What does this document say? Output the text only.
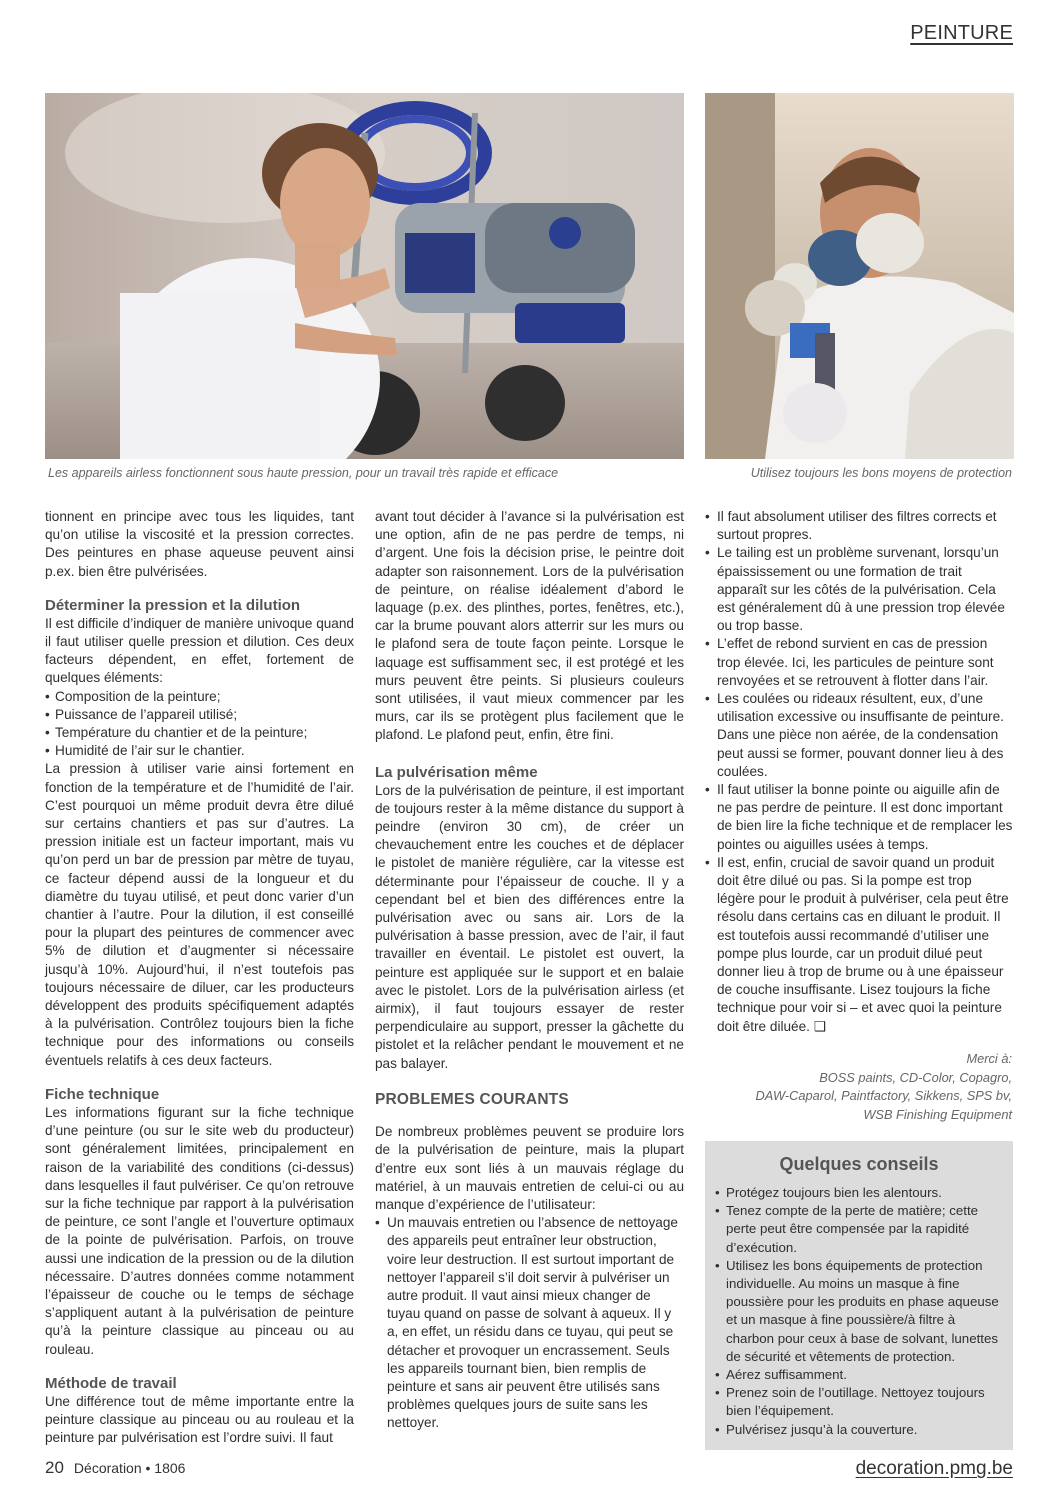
PEINTURE
Les appareils airless fonctionnent sous haute pression, pour un travail très rapide et efficace	Utilisez toujours les bons moyens de protection

tionnent en principe avec tous les liquides, tant qu’on utilise la viscosité et la pression correctes. Des peintures en phase aqueuse peuvent ainsi p.ex. bien être pulvérisées.

Déterminer la pression et la dilution

Il est difficile d’indiquer de manière univoque quand il faut utiliser quelle pression et dilution. Ces deux facteurs dépendent, en effet, fortement de quelques éléments:

• Composition de la peinture;
• Puissance de l’appareil utilisé;
• Température du chantier et de la peinture;
• Humidité de l’air sur le chantier.

La pression à utiliser varie ainsi fortement en fonction de la température et de l’humidité de l’air. C’est pourquoi un même produit devra être dilué sur certains chantiers et pas sur d’autres. La pression initiale est un facteur important, mais vu qu’on perd un bar de pression par mètre de tuyau, ce facteur dépend aussi de la longueur et du diamètre du tuyau utilisé, et peut donc varier d’un chantier à l’autre. Pour la dilution, il est conseillé pour la plupart des peintures de commencer avec 5% de dilution et d’augmenter si nécessaire jusqu’à 10%. Aujourd’hui, il n’est toutefois pas toujours nécessaire de diluer, car les producteurs développent des produits spécifiquement adaptés à la pulvérisation. Contrôlez toujours bien la fiche technique pour des informations ou conseils éventuels relatifs à ces deux facteurs.

Fiche technique

Les informations figurant sur la fiche technique d’une peinture (ou sur le site web du producteur) sont généralement limitées, principalement en raison de la variabilité des conditions (ci-dessus) dans lesquelles il faut pulvériser. Ce qu’on retrouve sur la fiche technique par rapport à la pulvérisation de peinture, ce sont l’angle et l’ouverture optimaux de la pointe de pulvérisation. Parfois, on trouve aussi une indication de la pression ou de la dilution nécessaire. D’autres données comme notamment l’épaisseur de couche ou le temps de séchage s’appliquent autant à la pulvérisation de peinture qu’à la peinture classique au pinceau ou au rouleau.

Méthode de travail

Une différence tout de même importante entre la peinture classique au pinceau ou au rouleau et la peinture par pulvérisation est l’ordre suivi. Il faut

avant tout décider à l’avance si la pulvérisation est une option, afin de ne pas perdre de temps, ni d’argent. Une fois la décision prise, le peintre doit adapter son raisonnement. Lors de la pulvérisation de peinture, on réalise idéalement d’abord le laquage (p.ex. des plinthes, portes, fenêtres, etc.), car la brume pouvant alors atterrir sur les murs ou le plafond sera de toute façon peinte. Lorsque le laquage est suffisamment sec, il est protégé et les murs peuvent être peints. Si plusieurs couleurs sont utilisées, il vaut mieux commencer par les murs, car ils se protègent plus facilement que le plafond. Le plafond peut, enfin, être fini.

La pulvérisation même

Lors de la pulvérisation de peinture, il est important de toujours rester à la même distance du support à peindre (environ 30 cm), de créer un chevauchement entre les couches et de déplacer le pistolet de manière régulière, car la vitesse est déterminante pour l’épaisseur de couche. Il y a cependant bel et bien des différences entre la pulvérisation avec ou sans air. Lors de la pulvérisation à basse pression, avec de l’air, il faut travailler en éventail. Le pistolet est ouvert, la peinture est appliquée sur le support et en balaie avec le pistolet. Lors de la pulvérisation airless (et airmix), il faut toujours essayer de rester perpendiculaire au support, presser la gâchette du pistolet et la relâcher pendant le mouvement et ne pas balayer.

PROBLEMES COURANTS

De nombreux problèmes peuvent se produire lors de la pulvérisation de peinture, mais la plupart d’entre eux sont liés à un mauvais réglage du matériel, à un mauvais entretien de celui-ci ou au manque d’expérience de l’utilisateur:

• Un mauvais entretien ou l’absence de nettoyage des appareils peut entraîner leur obstruction, voire leur destruction. Il est surtout important de nettoyer l’appareil s’il doit servir à pulvériser un autre produit. Il vaut ainsi mieux changer de tuyau quand on passe de solvant à aqueux. Il y a, en effet, un résidu dans ce tuyau, qui peut se détacher et provoquer un encrassement. Seuls les appareils tournant bien, bien remplis de peinture et sans air peuvent être utilisés sans problèmes quelques jours de suite sans les nettoyer.
• Il faut absolument utiliser des filtres corrects et surtout propres.
• Le tailing est un problème survenant, lorsqu’un épaississement ou une formation de trait apparaît sur les côtés de la pulvérisation. Cela est généralement dû à une pression trop élevée ou trop basse.
• L’effet de rebond survient en cas de pression trop élevée. Ici, les particules de peinture sont renvoyées et se retrouvent à flotter dans l’air.
• Les coulées ou rideaux résultent, eux, d’une utilisation excessive ou insuffisante de peinture. Dans une pièce non aérée, de la condensation peut aussi se former, pouvant donner lieu à des coulées.
• Il faut utiliser la bonne pointe ou aiguille afin de ne pas perdre de peinture. Il est donc important de bien lire la fiche technique et de remplacer les pointes ou aiguilles usées à temps.
• Il est, enfin, crucial de savoir quand un produit doit être dilué ou pas. Si la pompe est trop légère pour le produit à pulvériser, cela peut être résolu dans certains cas en diluant le produit. Il est toutefois aussi recommandé d’utiliser une pompe plus lourde, car un produit dilué peut donner lieu à trop de brume ou à une épaisseur de couche insuffisante. Lisez toujours la fiche technique pour voir si – et avec quoi la peinture doit être diluée. ❑
Merci à:
BOSS paints, CD-Color, Copagro,
DAW-Caparol, Paintfactory, Sikkens, SPS bv,
WSB Finishing Equipment
Quelques conseils
• Protégez toujours bien les alentours.
• Tenez compte de la perte de matière; cette perte peut être compensée par la rapidité d’exécution.
• Utilisez les bons équipements de protection individuelle. Au moins un masque à fine poussière pour les produits en phase aqueuse et un masque à fine poussière/à filtre à charbon pour ceux à base de solvant, lunettes de sécurité et vêtements de protection.
• Aérez suffisamment.
• Prenez soin de l’outillage. Nettoyez toujours bien l’équipement.
• Pulvérisez jusqu’à la couverture.
20 Décoration • 1806	decoration.pmg.be
